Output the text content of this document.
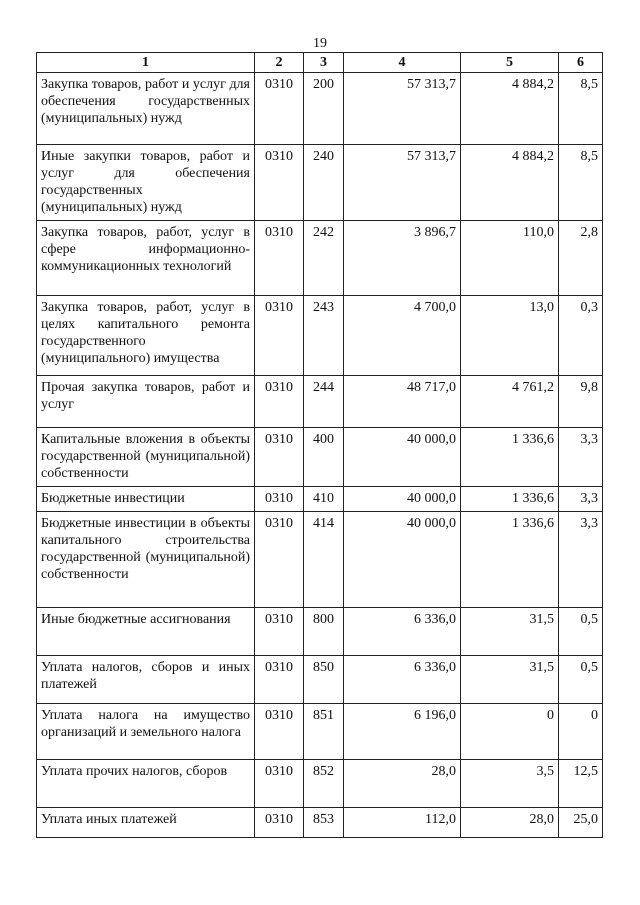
19
1	2	3	4	5	6
Закупка товаров, работ и услуг для обеспечения государственных (муниципальных) нужд	0310	200	57 313,7	4 884,2	8,5
Иные закупки товаров, работ и услуг для обеспечения государственных (муниципальных) нужд	0310	240	57 313,7	4 884,2	8,5
Закупка товаров, работ, услуг в сфере информационно-коммуникационных технологий	0310	242	3 896,7	110,0	2,8
Закупка товаров, работ, услуг в целях капитального ремонта государственного (муниципального) имущества	0310	243	4 700,0	13,0	0,3
Прочая закупка товаров, работ и услуг	0310	244	48 717,0	4 761,2	9,8
Капитальные вложения в объекты государственной (муниципальной) собственности	0310	400	40 000,0	1 336,6	3,3
Бюджетные инвестиции	0310	410	40 000,0	1 336,6	3,3
Бюджетные инвестиции в объекты капитального строительства государственной (муниципальной) собственности	0310	414	40 000,0	1 336,6	3,3
Иные бюджетные ассигнования	0310	800	6 336,0	31,5	0,5
Уплата налогов, сборов и иных платежей	0310	850	6 336,0	31,5	0,5
Уплата налога на имущество организаций и земельного налога	0310	851	6 196,0	0	0
Уплата прочих налогов, сборов	0310	852	28,0	3,5	12,5
Уплата иных платежей	0310	853	112,0	28,0	25,0
